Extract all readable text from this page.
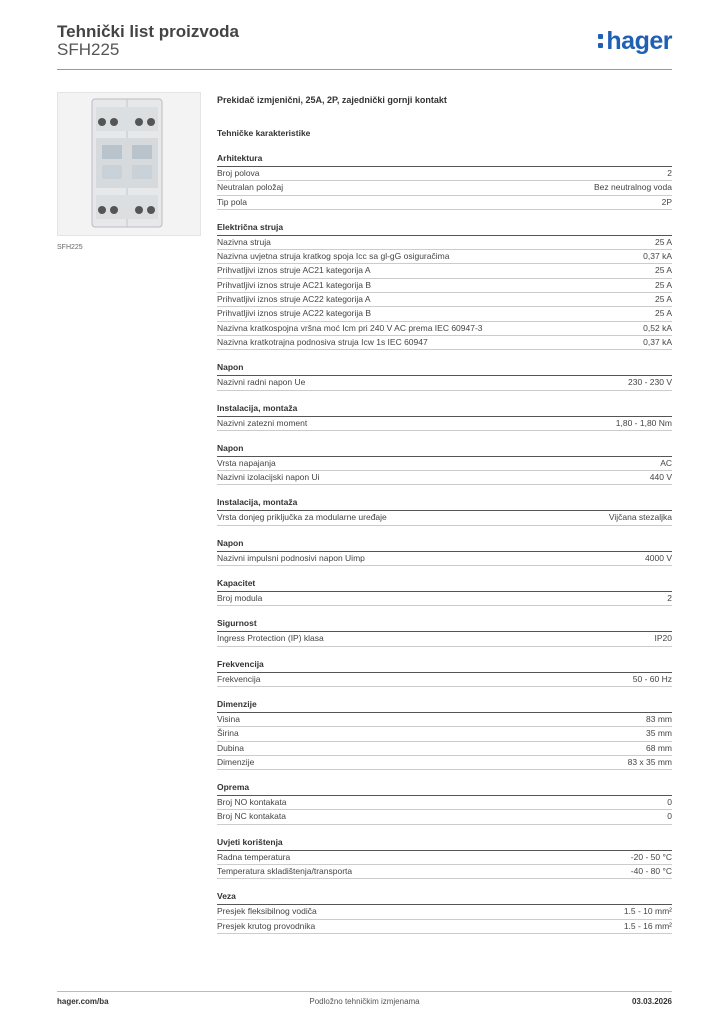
Tehnički list proizvoda
SFH225	hager
SFH225
Prekidač izmjenični, 25A, 2P, zajednički gornji kontakt
Tehničke karakteristike
Arhitektura
Broj polova	2
Neutralan položaj	Bez neutralnog voda
Tip pola	2P
Električna struja
Nazivna struja	25 A
Nazivna uvjetna struja kratkog spoja Icc sa gl-gG osiguračima	0,37 kA
Prihvatljivi iznos struje AC21 kategorija A	25 A
Prihvatljivi iznos struje AC21 kategorija B	25 A
Prihvatljivi iznos struje AC22 kategorija A	25 A
Prihvatljivi iznos struje AC22 kategorija B	25 A
Nazivna kratkospojna vršna moć Icm pri 240 V AC prema IEC 60947-3	0,52 kA
Nazivna kratkotrajna podnosiva struja Icw 1s IEC 60947	0,37 kA
Napon
Nazivni radni napon Ue	230 - 230 V
Instalacija, montaža
Nazivni zatezni moment	1,80 - 1,80 Nm
Napon
Vrsta napajanja	AC
Nazivni izolacijski napon Ui	440 V
Instalacija, montaža
Vrsta donjeg priključka za modularne uređaje	Vijčana stezaljka
Napon
Nazivni impulsni podnosivi napon Uimp	4000 V
Kapacitet
Broj modula	2
Sigurnost
Ingress Protection (IP) klasa	IP20
Frekvencija
Frekvencija	50 - 60 Hz
Dimenzije
Visina	83 mm
Širina	35 mm
Dubina	68 mm
Dimenzije	83 x 35 mm
Oprema
Broj NO kontakata	0
Broj NC kontakata	0
Uvjeti korištenja
Radna temperatura	-20 - 50 °C
Temperatura skladištenja/transporta	-40 - 80 °C
Veza
Presjek fleksibilnog vodiča	1.5 - 10 mm²
Presjek krutog provodnika	1.5 - 16 mm²
hager.com/ba	Podložno tehničkim izmjenama	03.03.2026
